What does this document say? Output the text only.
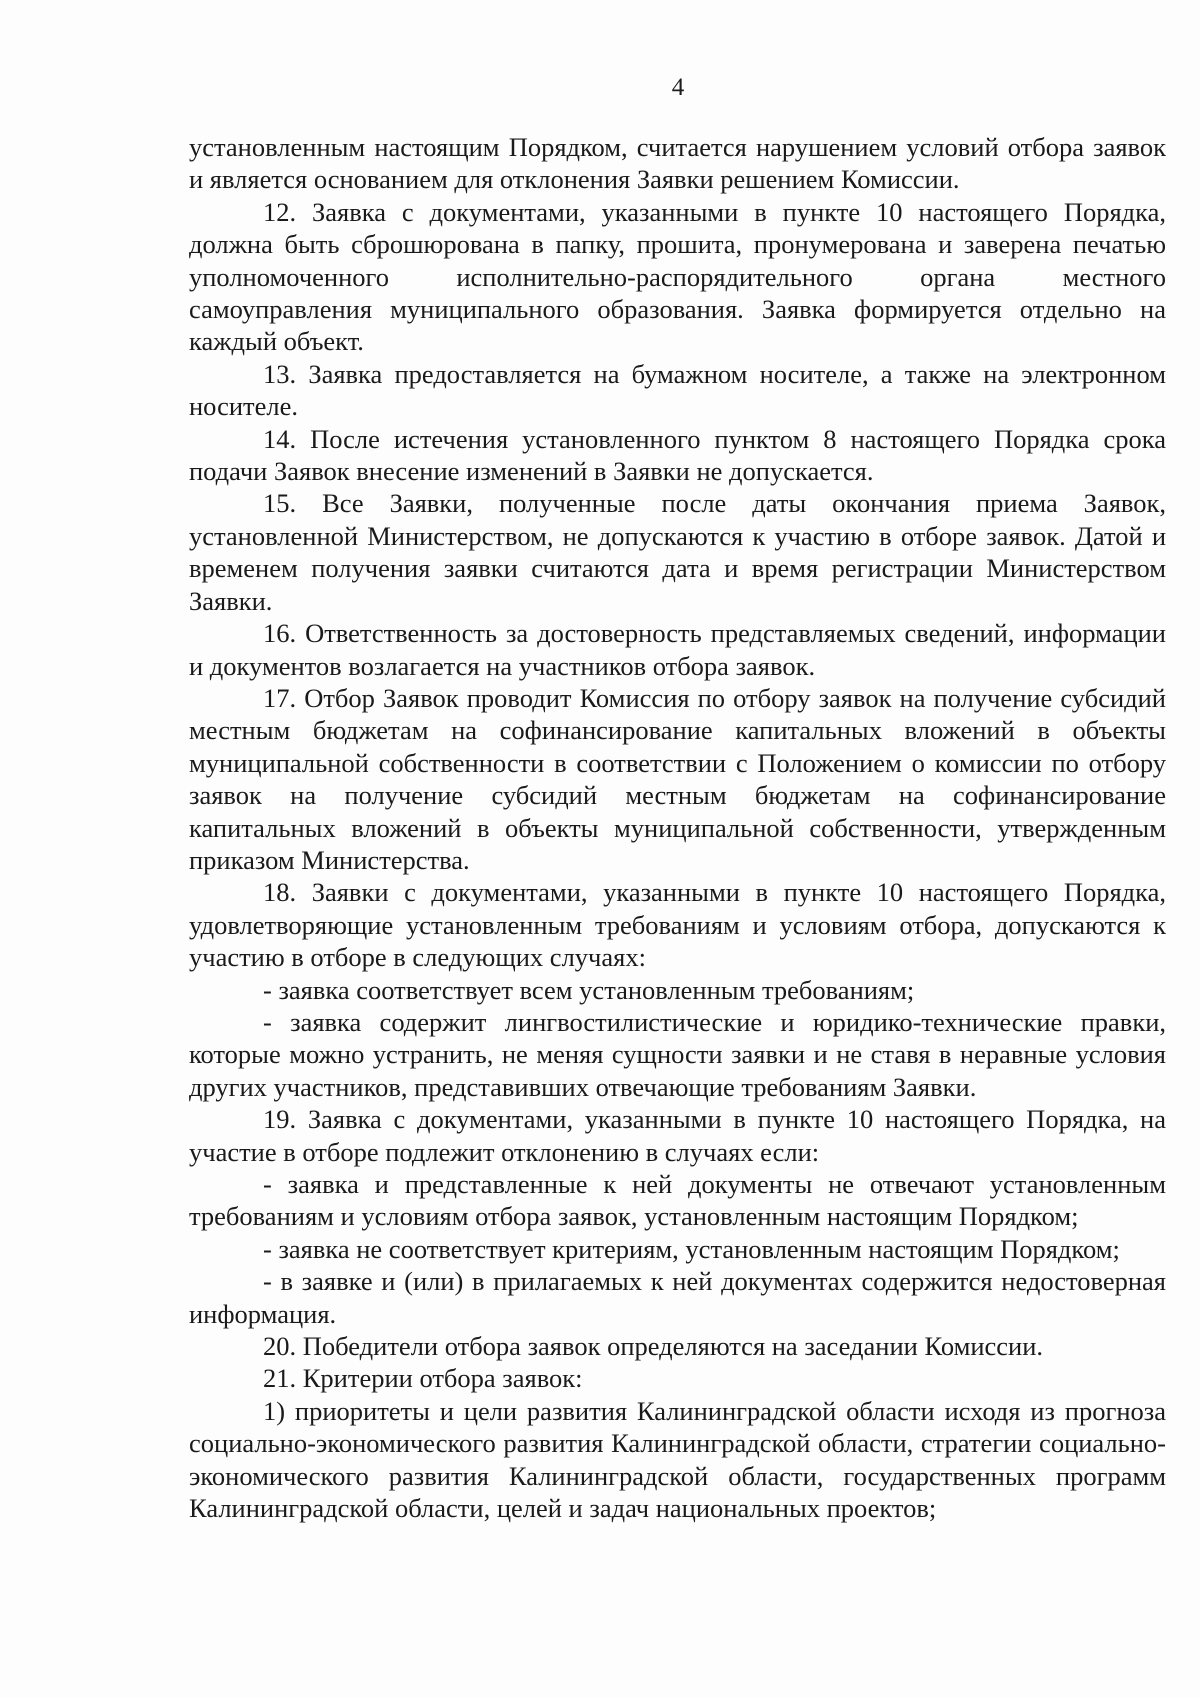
4

установленным настоящим Порядком, считается нарушением условий отбора заявок и является основанием для отклонения Заявки решением Комиссии.

12. Заявка с документами, указанными в пункте 10 настоящего Порядка, должна быть сброшюрована в папку, прошита, пронумерована и заверена печатью уполномоченного исполнительно-распорядительного органа местного самоуправления муниципального образования. Заявка формируется отдельно на каждый объект.

13. Заявка предоставляется на бумажном носителе, а также на электронном носителе.

14. После истечения установленного пунктом 8 настоящего Порядка срока подачи Заявок внесение изменений в Заявки не допускается.

15. Все Заявки, полученные после даты окончания приема Заявок, установленной Министерством, не допускаются к участию в отборе заявок. Датой и временем получения заявки считаются дата и время регистрации Министерством Заявки.

16. Ответственность за достоверность представляемых сведений, информации и документов возлагается на участников отбора заявок.

17. Отбор Заявок проводит Комиссия по отбору заявок на получение субсидий местным бюджетам на софинансирование капитальных вложений в объекты муниципальной собственности в соответствии с Положением о комиссии по отбору заявок на получение субсидий местным бюджетам на софинансирование капитальных вложений в объекты муниципальной собственности, утвержденным приказом Министерства.

18. Заявки с документами, указанными в пункте 10 настоящего Порядка, удовлетворяющие установленным требованиям и условиям отбора, допускаются к участию в отборе в следующих случаях:

- заявка соответствует всем установленным требованиям;

- заявка содержит лингвостилистические и юридико-технические правки, которые можно устранить, не меняя сущности заявки и не ставя в неравные условия других участников, представивших отвечающие требованиям Заявки.

19. Заявка с документами, указанными в пункте 10 настоящего Порядка, на участие в отборе подлежит отклонению в случаях если:

- заявка и представленные к ней документы не отвечают установленным требованиям и условиям отбора заявок, установленным настоящим Порядком;

- заявка не соответствует критериям, установленным настоящим Порядком;

- в заявке и (или) в прилагаемых к ней документах содержится недостоверная информация.

20. Победители отбора заявок определяются на заседании Комиссии.

21. Критерии отбора заявок:

1) приоритеты и цели развития Калининградской области исходя из прогноза социально-экономического развития Калининградской области, стратегии социально-экономического развития Калининградской области, государственных программ Калининградской области, целей и задач национальных проектов;
